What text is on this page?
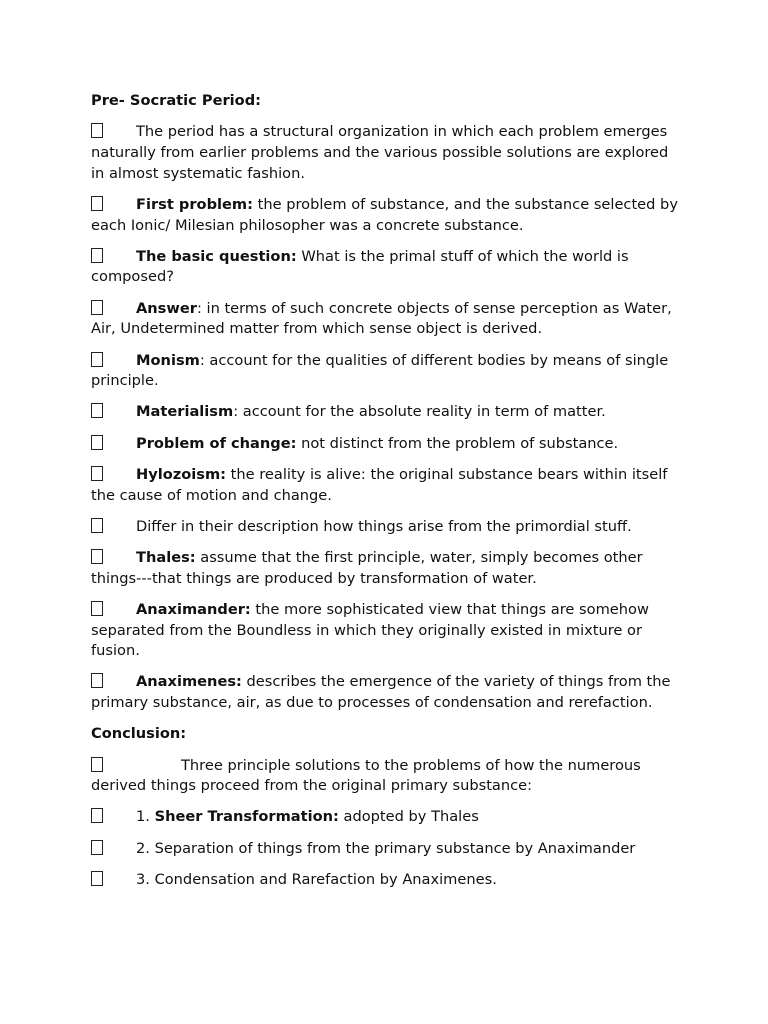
Pre- Socratic Period:
The period has a structural organization in which each problem emerges naturally from earlier problems and the various possible solutions are explored in almost systematic fashion.
First problem: the problem of substance, and the substance selected by each Ionic/ Milesian philosopher was a concrete substance.
The basic question: What is the primal stuff of which the world is composed?
Answer: in terms of such concrete objects of sense perception as Water, Air, Undetermined matter from which sense object is derived.
Monism: account for the qualities of different bodies by means of single principle.
Materialism: account for the absolute reality in term of matter.
Problem of change: not distinct from the problem of substance.
Hylozoism: the reality is alive: the original substance bears within itself the cause of motion and change.
Differ in their description how things arise from the primordial stuff.
Thales: assume that the first principle, water, simply becomes other things---that things are produced by transformation of water.
Anaximander: the more sophisticated view that things are somehow separated from the Boundless in which they originally existed in mixture or fusion.
Anaximenes: describes the emergence of the variety of things from the primary substance, air, as due to processes of condensation and rerefaction.
Conclusion:
Three principle solutions to the problems of how the numerous derived things proceed from the original primary substance:
1. Sheer Transformation: adopted by Thales
2. Separation of things from the primary substance by Anaximander
3. Condensation and Rarefaction by Anaximenes.
